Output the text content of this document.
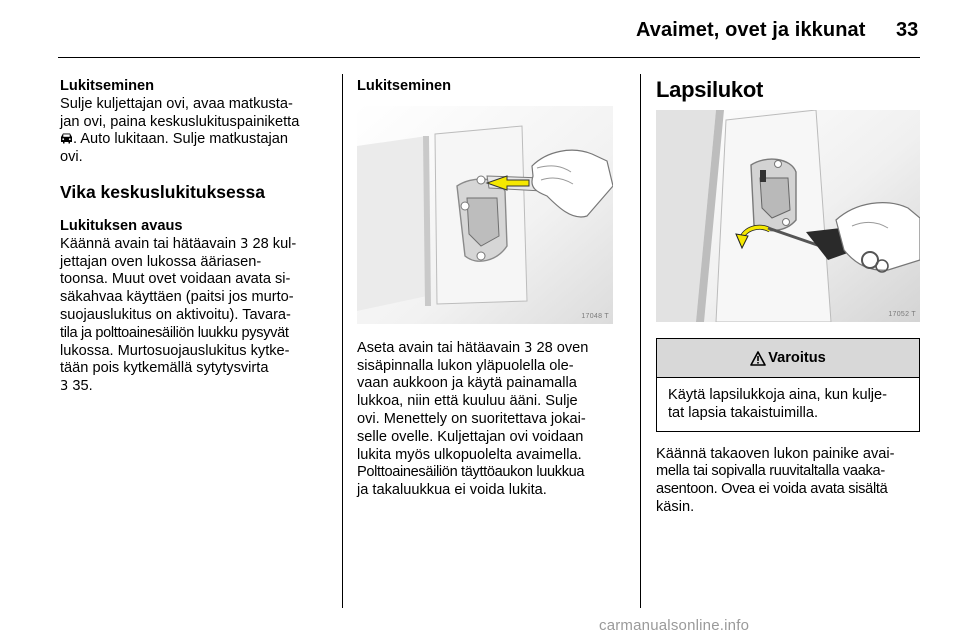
Avaimet, ovet ja ikkunat 33

Lukitseminen

Sulje kuljettajan ovi, avaa matkusta-
jan ovi, paina keskuslukituspainiketta
. Auto lukitaan. Sulje matkustajan
ovi.

Vika keskuslukituksessa

Lukituksen avaus

Käännä avain tai hätäavain 3 28 kul-
jettajan oven lukossa ääriasen-
toonsa. Muut ovet voidaan avata si-
säkahvaa käyttäen (paitsi jos murto-
suojauslukitus on aktivoitu). Tavara-
tila ja polttoainesäiliön luukku pysyvät
lukossa. Murtosuojauslukitus kytke-
tään pois kytkemällä sytytysvirta
3 35.

Lukitseminen

17048 T

Aseta avain tai hätäavain 3 28 oven
sisäpinnalla lukon yläpuolella ole-
vaan aukkoon ja käytä painamalla
lukkoa, niin että kuuluu ääni. Sulje
ovi. Menettely on suoritettava jokai-
selle ovelle. Kuljettajan ovi voidaan
lukita myös ulkopuolelta avaimella.
Polttoainesäiliön täyttöaukon luukkua
ja takaluukkua ei voida lukita.

Lapsilukot

17052 T
Varoitus
Käytä lapsilukkoja aina, kun kulje-
tat lapsia takaistuimilla.

Käännä takaoven lukon painike avai-
mella tai sopivalla ruuvitaltalla vaaka-
asentoon. Ovea ei voida avata sisältä
käsin.

carmanualsonline.info
